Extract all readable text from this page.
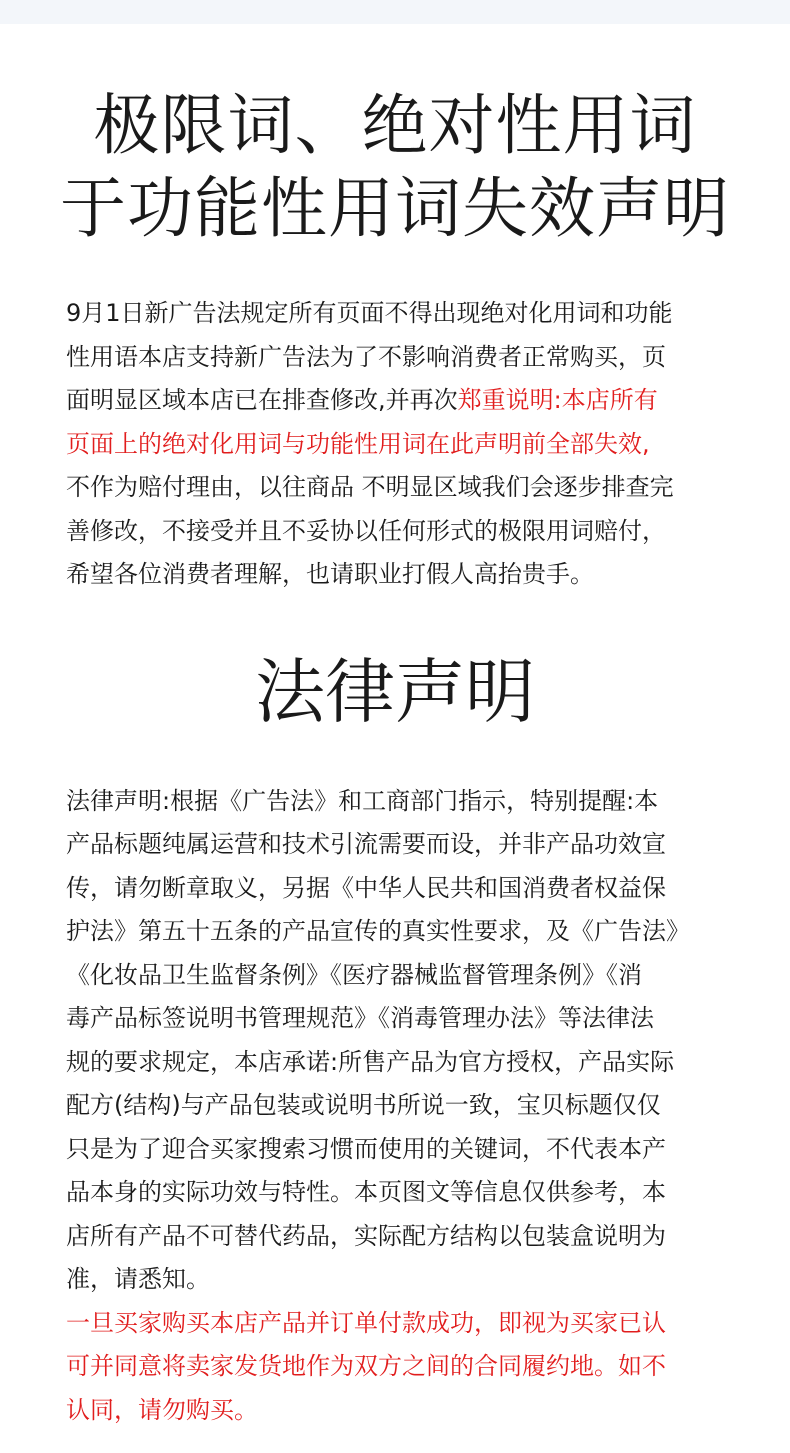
极限词、绝对性用词
于功能性用词失效声明
9月1日新广告法规定所有页面不得出现绝对化用词和功能
性用语本店支持新广告法为了不影响消费者正常购买，页
面明显区域本店已在排查修改,并再次郑重说明:本店所有
页面上的绝对化用词与功能性用词在此声明前全部失效,
不作为赔付理由，以往商品 不明显区域我们会逐步排查完
善修改，不接受并且不妥协以任何形式的极限用词赔付，
希望各位消费者理解，也请职业打假人高抬贵手。
法律声明
法律声明:根据《广告法》和工商部门指示，特别提醒:本
产品标题纯属运营和技术引流需要而设，并非产品功效宣
传，请勿断章取义，另据《中华人民共和国消费者权益保
护法》第五十五条的产品宣传的真实性要求，及《广告法》
《化妆品卫生监督条例》《医疗器械监督管理条例》《消
毒产品标签说明书管理规范》《消毒管理办法》等法律法
规的要求规定，本店承诺:所售产品为官方授权，产品实际
配方(结构)与产品包装或说明书所说一致，宝贝标题仅仅
只是为了迎合买家搜索习惯而使用的关键词，不代表本产
品本身的实际功效与特性。本页图文等信息仅供参考，本
店所有产品不可替代药品，实际配方结构以包装盒说明为
准，请悉知。
一旦买家购买本店产品并订单付款成功，即视为买家已认
可并同意将卖家发货地作为双方之间的合同履约地。如不
认同，请勿购买。
